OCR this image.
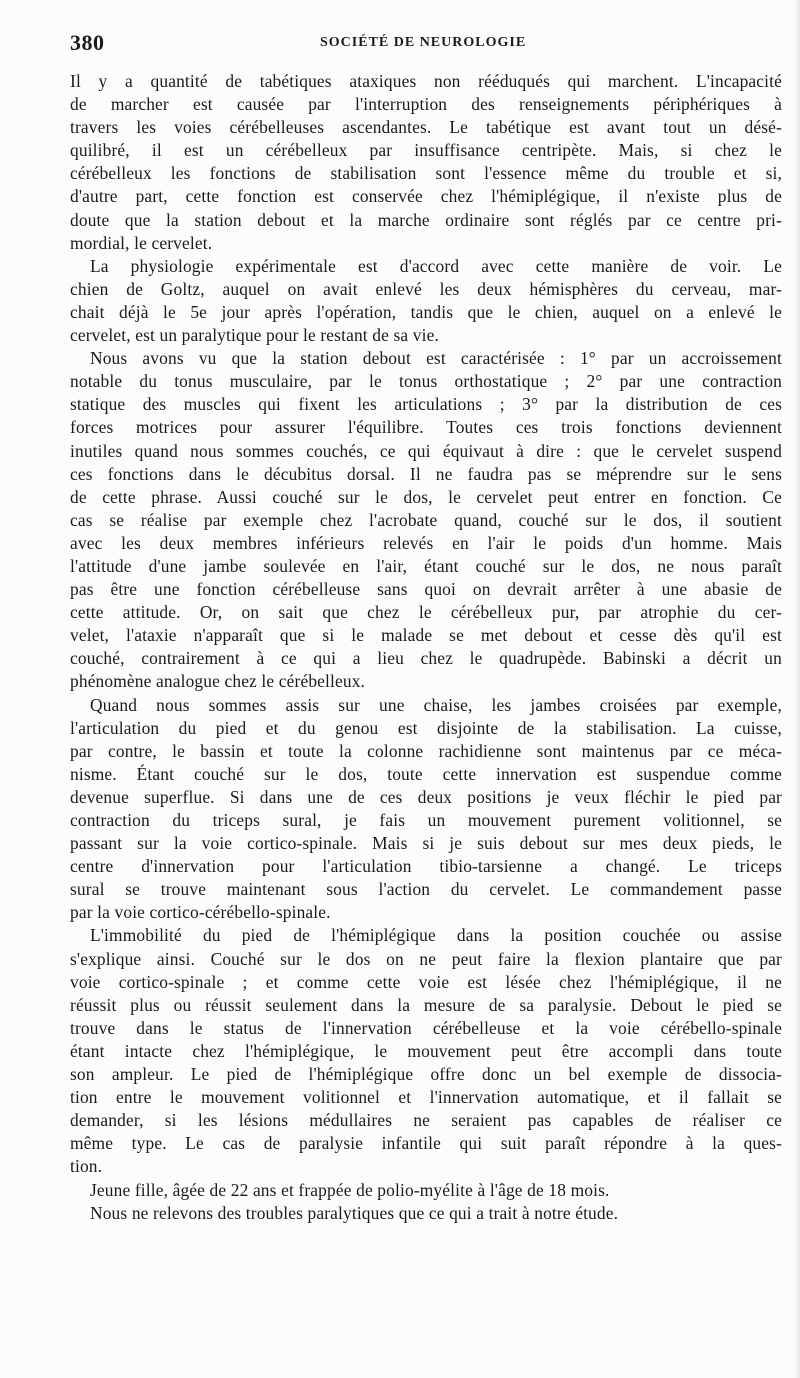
380	SOCIÉTÉ DE NEUROLOGIE
Il y a quantité de tabétiques ataxiques non rééduqués qui marchent. L'incapacité
de marcher est causée par l'interruption des renseignements périphériques à
travers les voies cérébelleuses ascendantes. Le tabétique est avant tout un désé-
quilibré, il est un cérébelleux par insuffisance centripète. Mais, si chez le
cérébelleux les fonctions de stabilisation sont l'essence même du trouble et si,
d'autre part, cette fonction est conservée chez l'hémiplégique, il n'existe plus de
doute que la station debout et la marche ordinaire sont réglés par ce centre pri-
mordial, le cervelet.
La physiologie expérimentale est d'accord avec cette manière de voir. Le
chien de Goltz, auquel on avait enlevé les deux hémisphères du cerveau, mar-
chait déjà le 5e jour après l'opération, tandis que le chien, auquel on a enlevé le
cervelet, est un paralytique pour le restant de sa vie.
Nous avons vu que la station debout est caractérisée : 1° par un accroissement
notable du tonus musculaire, par le tonus orthostatique ; 2° par une contraction
statique des muscles qui fixent les articulations ; 3° par la distribution de ces
forces motrices pour assurer l'équilibre. Toutes ces trois fonctions deviennent
inutiles quand nous sommes couchés, ce qui équivaut à dire : que le cervelet suspend
ces fonctions dans le décubitus dorsal. Il ne faudra pas se méprendre sur le sens
de cette phrase. Aussi couché sur le dos, le cervelet peut entrer en fonction. Ce
cas se réalise par exemple chez l'acrobate quand, couché sur le dos, il soutient
avec les deux membres inférieurs relevés en l'air le poids d'un homme. Mais
l'attitude d'une jambe soulevée en l'air, étant couché sur le dos, ne nous paraît
pas être une fonction cérébelleuse sans quoi on devrait arrêter à une abasie de
cette attitude. Or, on sait que chez le cérébelleux pur, par atrophie du cer-
velet, l'ataxie n'apparaît que si le malade se met debout et cesse dès qu'il est
couché, contrairement à ce qui a lieu chez le quadrupède. Babinski a décrit un
phénomène analogue chez le cérébelleux.
Quand nous sommes assis sur une chaise, les jambes croisées par exemple,
l'articulation du pied et du genou est disjointe de la stabilisation. La cuisse,
par contre, le bassin et toute la colonne rachidienne sont maintenus par ce méca-
nisme. Étant couché sur le dos, toute cette innervation est suspendue comme
devenue superflue. Si dans une de ces deux positions je veux fléchir le pied par
contraction du triceps sural, je fais un mouvement purement volitionnel, se
passant sur la voie cortico-spinale. Mais si je suis debout sur mes deux pieds, le
centre d'innervation pour l'articulation tibio-tarsienne a changé. Le triceps
sural se trouve maintenant sous l'action du cervelet. Le commandement passe
par la voie cortico-cérébello-spinale.
L'immobilité du pied de l'hémiplégique dans la position couchée ou assise
s'explique ainsi. Couché sur le dos on ne peut faire la flexion plantaire que par
voie cortico-spinale ; et comme cette voie est lésée chez l'hémiplégique, il ne
réussit plus ou réussit seulement dans la mesure de sa paralysie. Debout le pied se
trouve dans le status de l'innervation cérébelleuse et la voie cérébello-spinale
étant intacte chez l'hémiplégique, le mouvement peut être accompli dans toute
son ampleur. Le pied de l'hémiplégique offre donc un bel exemple de dissocia-
tion entre le mouvement volitionnel et l'innervation automatique, et il fallait se
demander, si les lésions médullaires ne seraient pas capables de réaliser ce
même type. Le cas de paralysie infantile qui suit paraît répondre à la ques-
tion.
Jeune fille, âgée de 22 ans et frappée de polio-myélite à l'âge de 18 mois.
Nous ne relevons des troubles paralytiques que ce qui a trait à notre étude.
